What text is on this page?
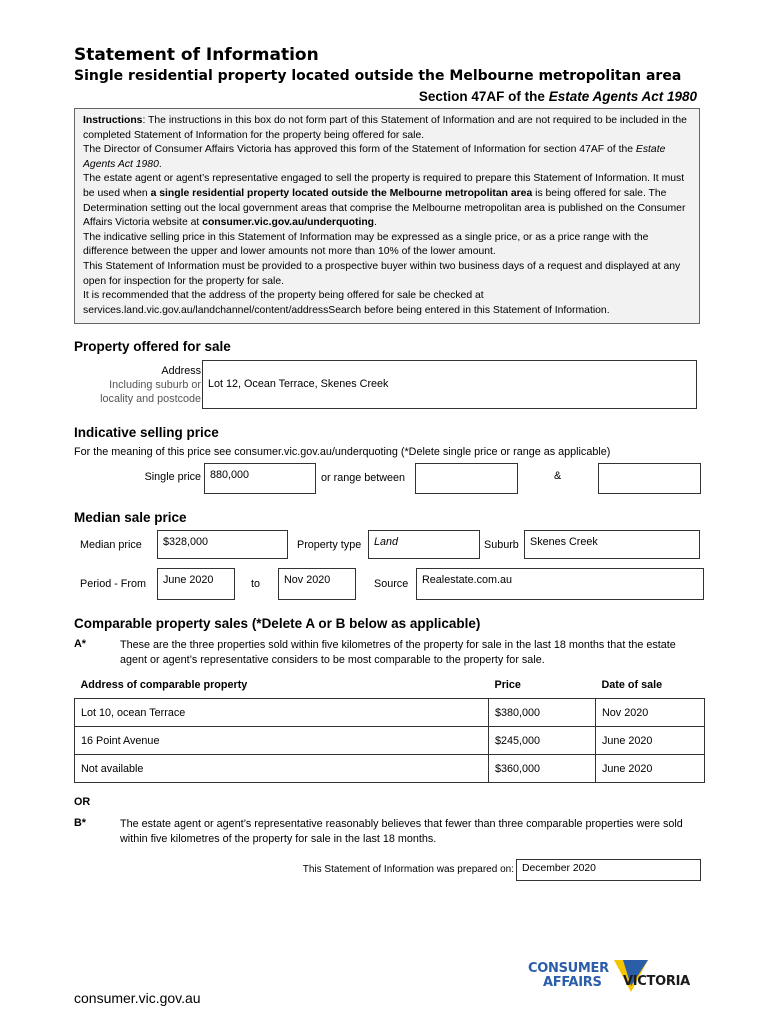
Statement of Information
Single residential property located outside the Melbourne metropolitan area
Section 47AF of the Estate Agents Act 1980

Instructions: The instructions in this box do not form part of this Statement of Information and are not required to be included in the completed Statement of Information for the property being offered for sale.

The Director of Consumer Affairs Victoria has approved this form of the Statement of Information for section 47AF of the Estate Agents Act 1980.

The estate agent or agent’s representative engaged to sell the property is required to prepare this Statement of Information. It must be used when a single residential property located outside the Melbourne metropolitan area is being offered for sale. The Determination setting out the local government areas that comprise the Melbourne metropolitan area is published on the Consumer Affairs Victoria website at consumer.vic.gov.au/underquoting.

The indicative selling price in this Statement of Information may be expressed as a single price, or as a price range with the difference between the upper and lower amounts not more than 10% of the lower amount.

This Statement of Information must be provided to a prospective buyer within two business days of a request and displayed at any open for inspection for the property for sale.

It is recommended that the address of the property being offered for sale be checked at services.land.vic.gov.au/landchannel/content/addressSearch before being entered in this Statement of Information.

Property offered for sale
Address
Including suburb or
locality and postcode
Lot 12, Ocean Terrace, Skenes Creek
Indicative selling price
For the meaning of this price see consumer.vic.gov.au/underquoting (*Delete single price or range as applicable)
Single price 880,000	or range between	&
Median sale price
Median price	$328,000	Property type	Land	Suburb	Skenes Creek
Period - From	June 2020	to	Nov 2020	Source	Realestate.com.au
Comparable property sales (*Delete A or B below as applicable)
A*	These are the three properties sold within five kilometres of the property for sale in the last 18 months that the estate agent or agent’s representative considers to be most comparable to the property for sale.
Address of comparable property	Price	Date of sale
Lot 10, ocean Terrace	$380,000	Nov 2020
16 Point Avenue	$245,000	June 2020
Not available	$360,000	June 2020
OR
B*	The estate agent or agent’s representative reasonably believes that fewer than three comparable properties were sold within five kilometres of the property for sale in the last 18 months.
This Statement of Information was prepared on: December 2020
CONSUMER
AFFAIRS VICTORIA
consumer.vic.gov.au
